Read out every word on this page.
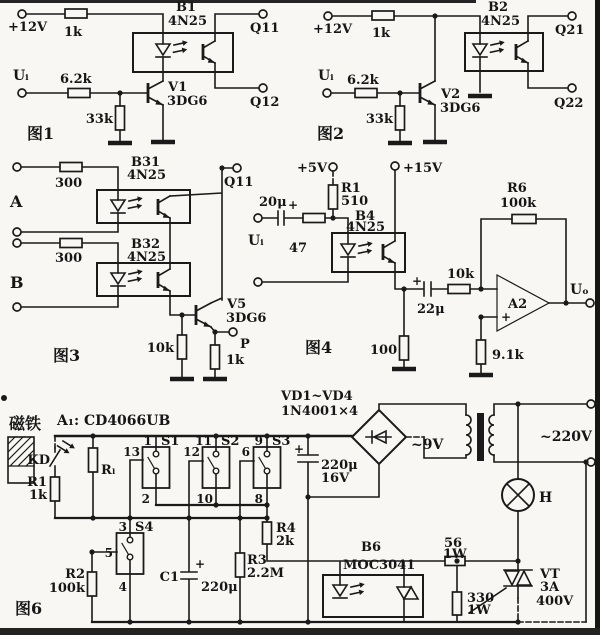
+12V 1k
B1
4N25	Q11
Q12
Uᵢ 6.2k
33k
V1
3DG6
图1
+12V 1k
B2
4N25
Q21
Q22
Uᵢ 6.2k
33k
V2
3DG6
图2
A
300
B31
4N25
300
B32
4N25
B
Q11
V5
3DG6
10k
1k
P
图3
+5V
R1
510
+15V
20μ +
Uᵢ 47
B4
4N25
100
+
22μ
10k
R6
100k
A2
+
Uₒ
9.1k
图4
磁铁 A₁: CD4066UB
KD
Rₗ
R1
1k
S1
1
13
2
S2
11
12
10
S3
9
6
8
S4
3
5
4
R2
100k
C1
+
220μ
R3
2.2M
R4
2k
VD1~VD4
1N4001×4
+
220μ
16V
~9V	~220V
B6
MOC3041
56
1W
330
1W
VT
3A
400V
H
图6
